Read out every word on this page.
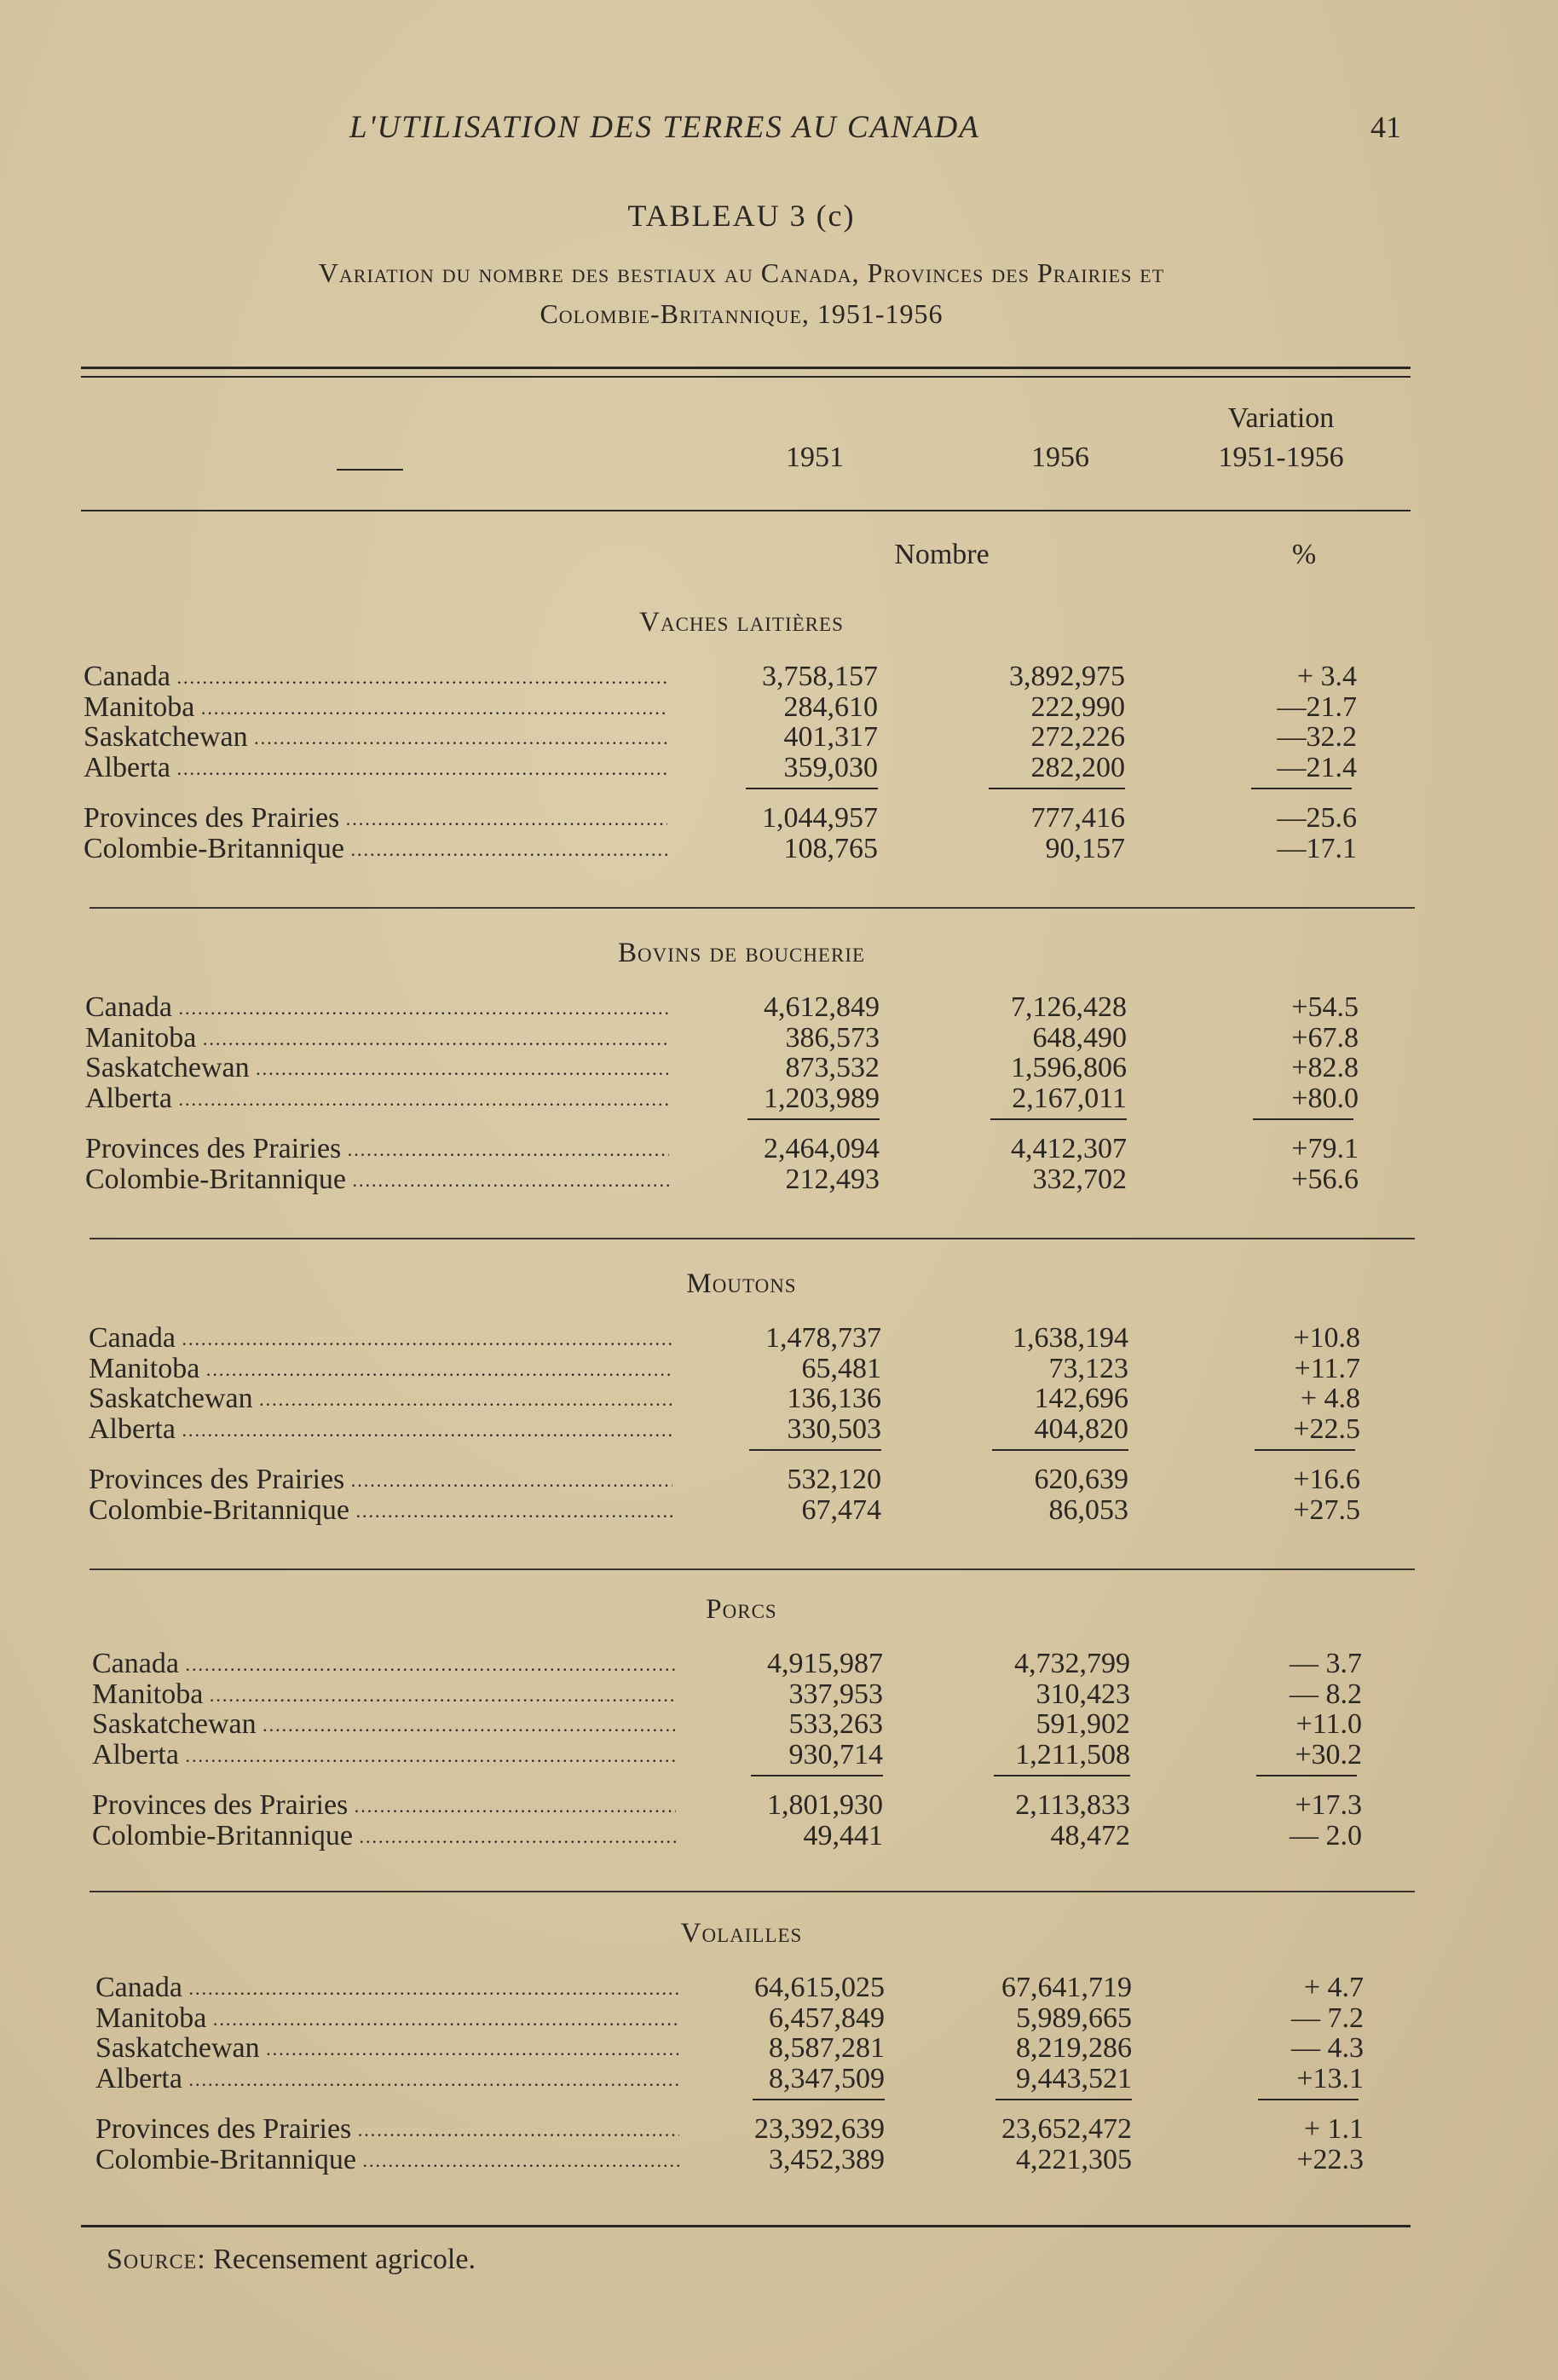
L'UTILISATION DES TERRES AU CANADA	41
TABLEAU 3 (c)
Variation du nombre des bestiaux au Canada, Provinces des Prairies et
Colombie-Britannique, 1951-1956
1951	1956
Variation
1951-1956
Nombre	%
Vaches laitières
Canada .....	3,758,157	3,892,975	+ 3.4
Manitoba .....	284,610	222,990	—21.7
Saskatchewan .....	401,317	272,226	—32.2
Alberta .....	359,030	282,200	—21.4
Provinces des Prairies .....	1,044,957	777,416	—25.6
Colombie-Britannique .....	108,765	90,157	—17.1
Bovins de boucherie
Canada .....	4,612,849	7,126,428	+54.5
Manitoba .....	386,573	648,490	+67.8
Saskatchewan .....	873,532	1,596,806	+82.8
Alberta .....	1,203,989	2,167,011	+80.0
Provinces des Prairies .....	2,464,094	4,412,307	+79.1
Colombie-Britannique .....	212,493	332,702	+56.6
Moutons
Canada .....	1,478,737	1,638,194	+10.8
Manitoba .....	65,481	73,123	+11.7
Saskatchewan .....	136,136	142,696	+ 4.8
Alberta .....	330,503	404,820	+22.5
Provinces des Prairies .....	532,120	620,639	+16.6
Colombie-Britannique .....	67,474	86,053	+27.5
Porcs
Canada .....	4,915,987	4,732,799	— 3.7
Manitoba .....	337,953	310,423	— 8.2
Saskatchewan .....	533,263	591,902	+11.0
Alberta .....	930,714	1,211,508	+30.2
Provinces des Prairies .....	1,801,930	2,113,833	+17.3
Colombie-Britannique .....	49,441	48,472	— 2.0
Volailles
Canada .....	64,615,025	67,641,719	+ 4.7
Manitoba .....	6,457,849	5,989,665	— 7.2
Saskatchewan .....	8,587,281	8,219,286	— 4.3
Alberta .....	8,347,509	9,443,521	+13.1
Provinces des Prairies .....	23,392,639	23,652,472	+ 1.1
Colombie-Britannique .....	3,452,389	4,221,305	+22.3
Source: Recensement agricole.
